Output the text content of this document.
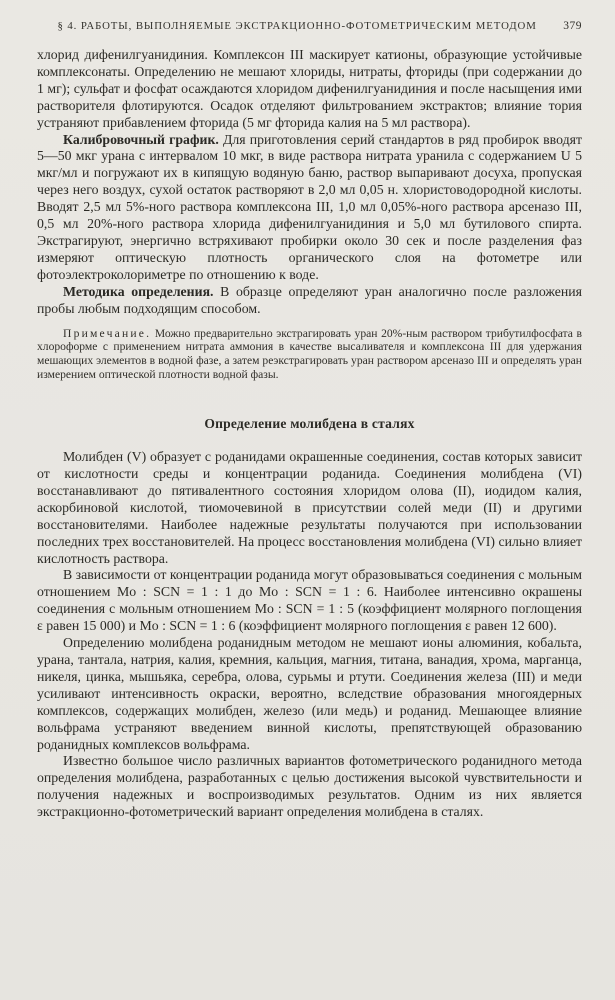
§ 4. РАБОТЫ, ВЫПОЛНЯЕМЫЕ ЭКСТРАКЦИОННО-ФОТОМЕТРИЧЕСКИМ МЕТОДОМ	379

хлорид дифенилгуанидиния. Комплексон III маскирует катионы, образующие устойчивые комплексонаты. Определению не мешают хлориды, нитраты, фториды (при содержании до 1 мг); сульфат и фосфат осаждаются хлоридом дифенилгуанидиния и после насыщения ими растворителя флотируются. Осадок отделяют фильтрованием экстрактов; влияние тория устраняют прибавлением фторида (5 мг фторида калия на 5 мл раствора).

Калибровочный график. Для приготовления серий стандартов в ряд пробирок вводят 5—50 мкг урана с интервалом 10 мкг, в виде раствора нитрата уранила с содержанием U 5 мкг/мл и погружают их в кипящую водяную баню, раствор выпаривают досуха, пропуская через него воздух, сухой остаток растворяют в 2,0 мл 0,05 н. хлористоводородной кислоты. Вводят 2,5 мл 5%-ного раствора комплексона III, 1,0 мл 0,05%-ного раствора арсеназо III, 0,5 мл 20%-ного раствора хлорида дифенилгуанидиния и 5,0 мл бутилового спирта. Экстрагируют, энергично встряхивают пробирки около 30 сек и после разделения фаз измеряют оптическую плотность органического слоя на фотометре или фотоэлектроколориметре по отношению к воде.

Методика определения. В образце определяют уран аналогично после разложения пробы любым подходящим способом.

Примечание. Можно предварительно экстрагировать уран 20%-ным раствором трибутилфосфата в хлороформе с применением нитрата аммония в качестве высаливателя и комплексона III для удержания мешающих элементов в водной фазе, а затем реэкстрагировать уран раствором арсеназо III и определять уран измерением оптической плотности водной фазы.

Определение молибдена в сталях

Молибден (V) образует с роданидами окрашенные соединения, состав которых зависит от кислотности среды и концентрации роданида. Соединения молибдена (VI) восстанавливают до пятивалентного состояния хлоридом олова (II), иодидом калия, аскорбиновой кислотой, тиомочевиной в присутствии солей меди (II) и другими восстановителями. Наиболее надежные результаты получаются при использовании последних трех восстановителей. На процесс восстановления молибдена (VI) сильно влияет кислотность раствора.

В зависимости от концентрации роданида могут образовываться соединения с мольным отношением Mo : SCN = 1 : 1 до Mo : SCN = 1 : 6. Наиболее интенсивно окрашены соединения с мольным отношением Mo : SCN = 1 : 5 (коэффициент молярного поглощения ε равен 15 000) и Mo : SCN = 1 : 6 (коэффициент молярного поглощения ε равен 12 600).

Определению молибдена роданидным методом не мешают ионы алюминия, кобальта, урана, тантала, натрия, калия, кремния, кальция, магния, титана, ванадия, хрома, марганца, никеля, цинка, мышьяка, серебра, олова, сурьмы и ртути. Соединения железа (III) и меди усиливают интенсивность окраски, вероятно, вследствие образования многоядерных комплексов, содержащих молибден, железо (или медь) и роданид. Мешающее влияние вольфрама устраняют введением винной кислоты, препятствующей образованию роданидных комплексов вольфрама.

Известно большое число различных вариантов фотометрического роданидного метода определения молибдена, разработанных с целью достижения высокой чувствительности и получения надежных и воспроизводимых результатов. Одним из них является экстракционно-фотометрический вариант определения молибдена в сталях.
